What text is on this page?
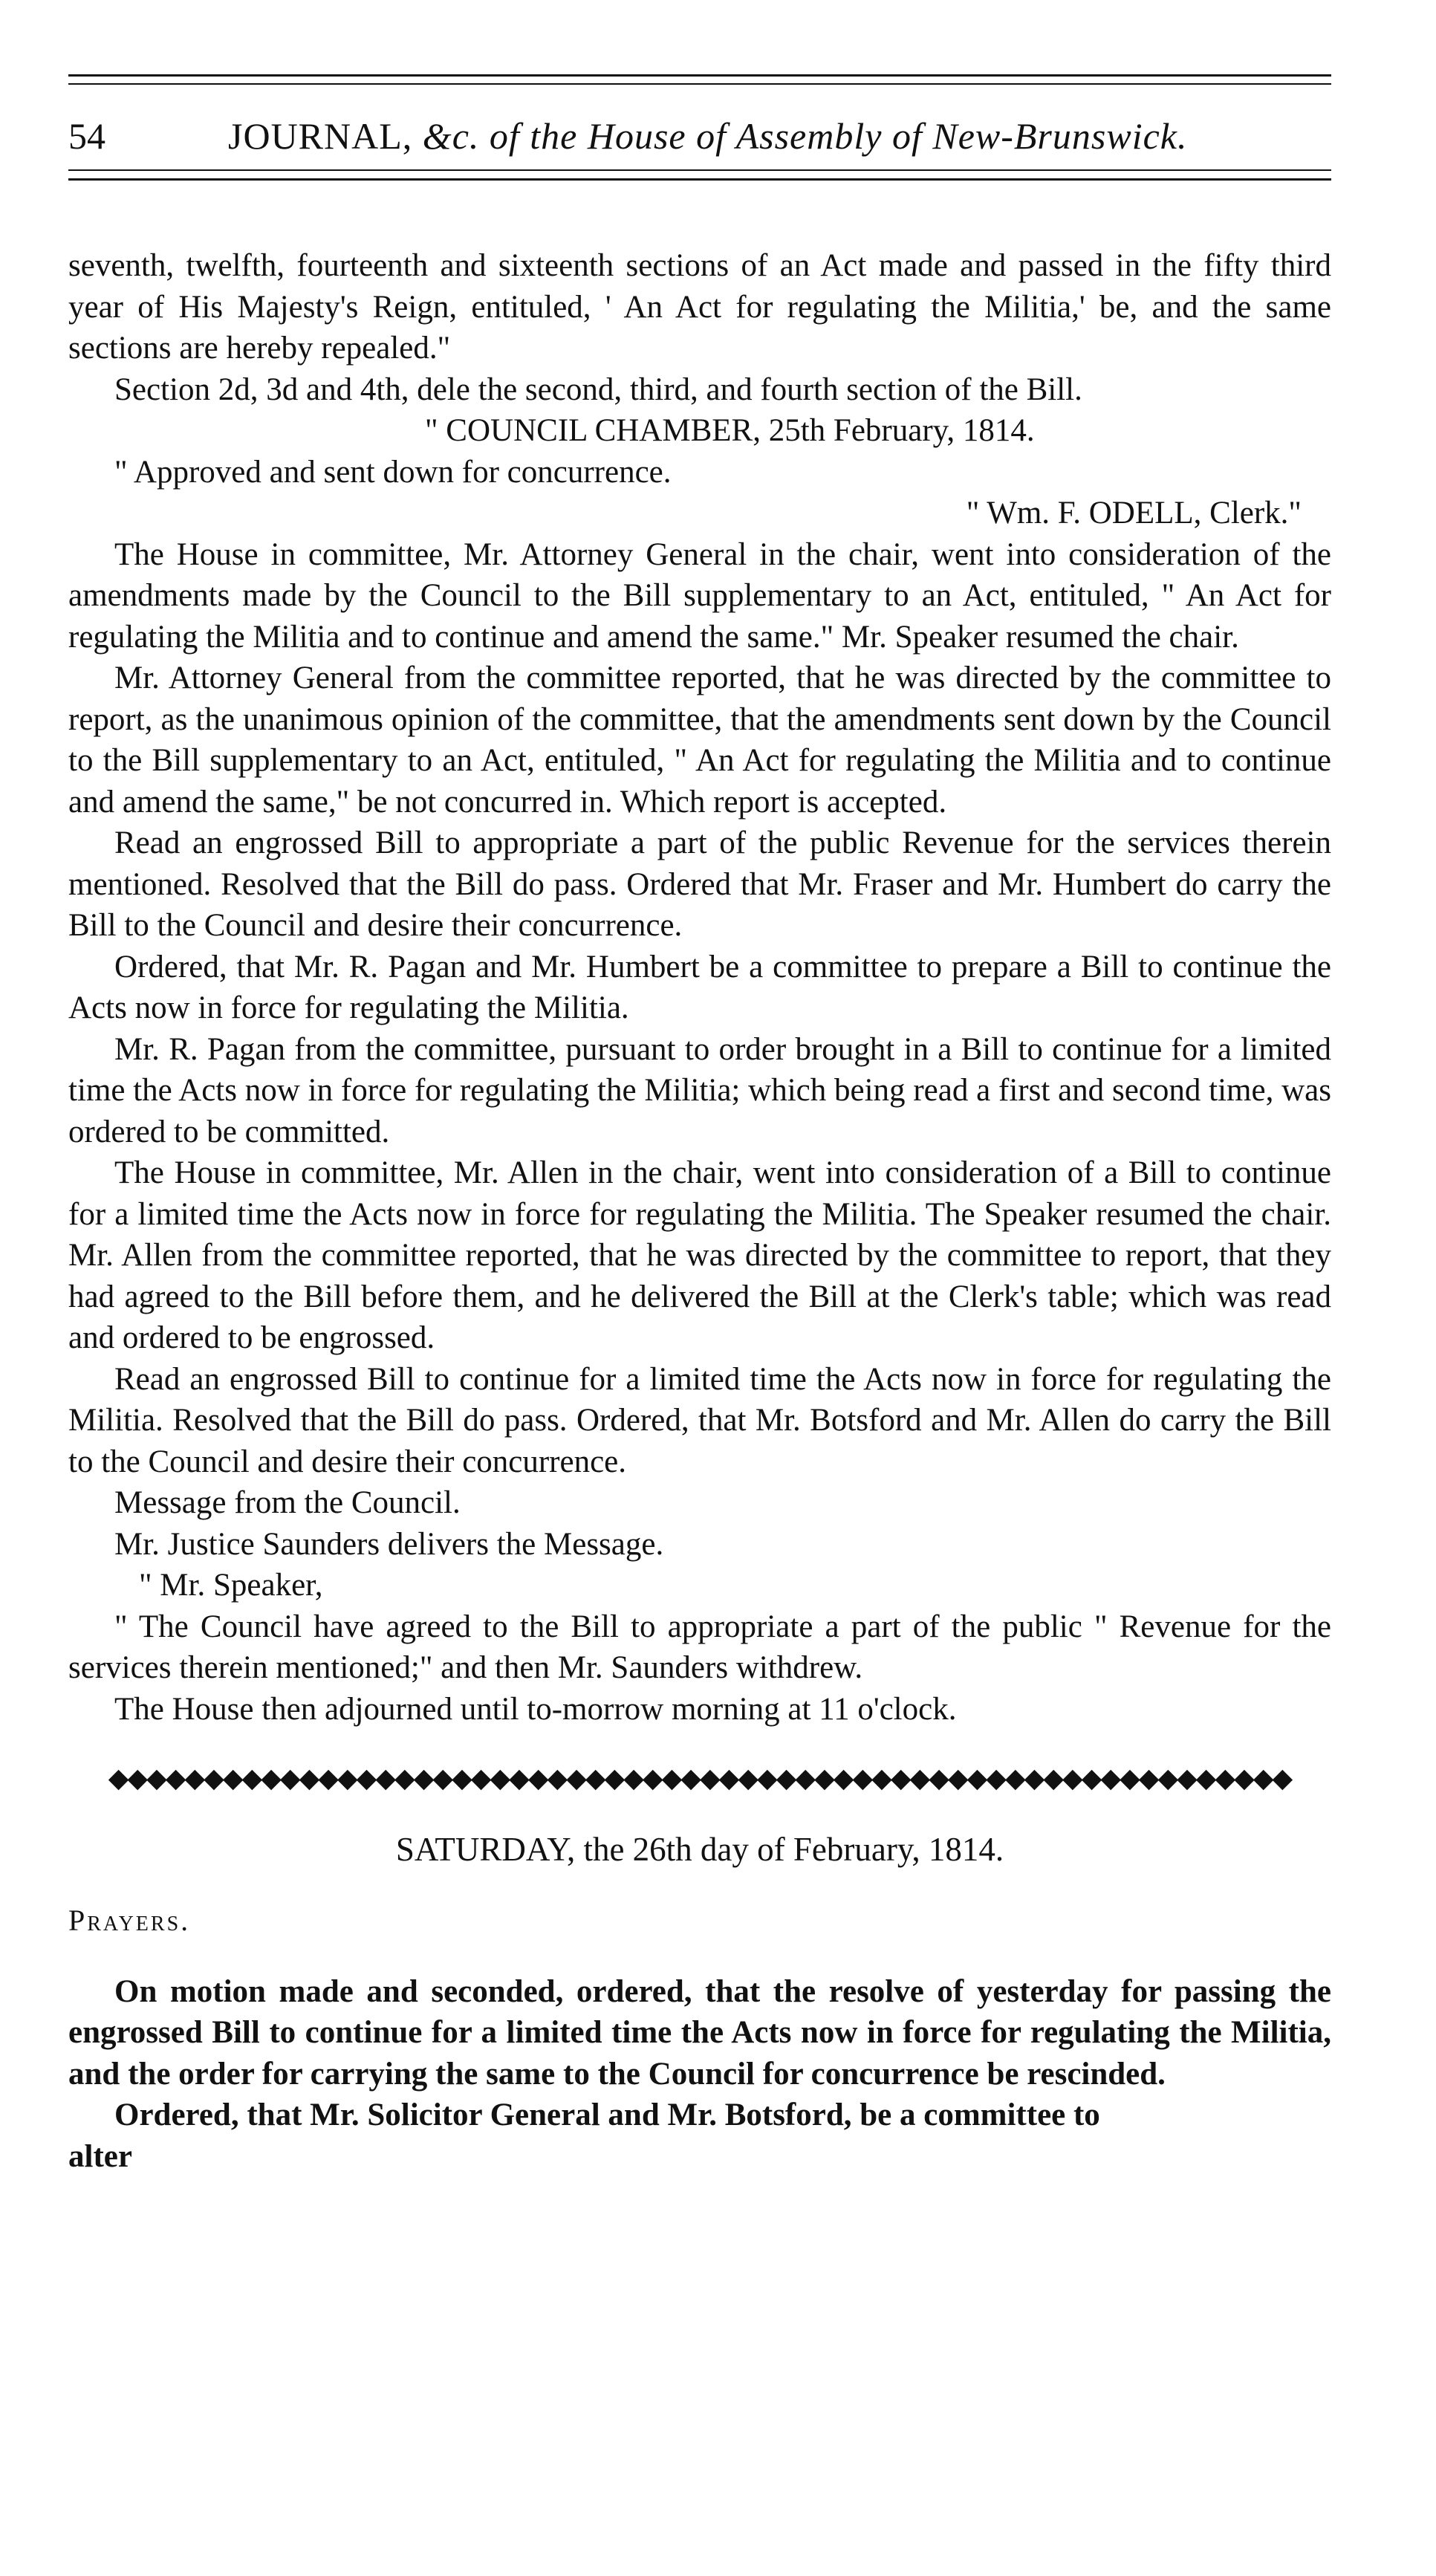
54	JOURNAL, &c. of the House of Assembly of New-Brunswick.

seventh, twelfth, fourteenth and sixteenth sections of an Act made and passed in the fifty third year of His Majesty's Reign, entituled, ' An Act for regulating the Militia,' be, and the same sections are hereby repealed."

Section 2d, 3d and 4th, dele the second, third, and fourth section of the Bill.

" COUNCIL CHAMBER, 25th February, 1814.

" Approved and sent down for concurrence.

" Wm. F. ODELL, Clerk."

The House in committee, Mr. Attorney General in the chair, went into consideration of the amendments made by the Council to the Bill supplementary to an Act, entituled, " An Act for regulating the Militia and to continue and amend the same." Mr. Speaker resumed the chair.

Mr. Attorney General from the committee reported, that he was directed by the committee to report, as the unanimous opinion of the committee, that the amendments sent down by the Council to the Bill supplementary to an Act, entituled, " An Act for regulating the Militia and to continue and amend the same," be not concurred in. Which report is accepted.

Read an engrossed Bill to appropriate a part of the public Revenue for the services therein mentioned. Resolved that the Bill do pass. Ordered that Mr. Fraser and Mr. Humbert do carry the Bill to the Council and desire their concurrence.

Ordered, that Mr. R. Pagan and Mr. Humbert be a committee to prepare a Bill to continue the Acts now in force for regulating the Militia.

Mr. R. Pagan from the committee, pursuant to order brought in a Bill to continue for a limited time the Acts now in force for regulating the Militia; which being read a first and second time, was ordered to be committed.

The House in committee, Mr. Allen in the chair, went into consideration of a Bill to continue for a limited time the Acts now in force for regulating the Militia. The Speaker resumed the chair. Mr. Allen from the committee reported, that he was directed by the committee to report, that they had agreed to the Bill before them, and he delivered the Bill at the Clerk's table; which was read and ordered to be engrossed.

Read an engrossed Bill to continue for a limited time the Acts now in force for regulating the Militia. Resolved that the Bill do pass. Ordered, that Mr. Botsford and Mr. Allen do carry the Bill to the Council and desire their concurrence.

Message from the Council.

Mr. Justice Saunders delivers the Message.

" Mr. Speaker,

" The Council have agreed to the Bill to appropriate a part of the public " Revenue for the services therein mentioned;" and then Mr. Saunders withdrew.

The House then adjourned until to-morrow morning at 11 o'clock.

◆◆◆◆◆◆◆◆◆◆◆◆◆◆◆◆◆◆◆◆◆◆◆◆◆◆◆◆◆◆◆◆◆◆◆◆◆◆◆◆◆◆◆◆◆◆◆◆◆◆◆◆◆◆◆◆◆◆◆◆◆◆
SATURDAY, the 26th day of February, 1814.
Prayers.

On motion made and seconded, ordered, that the resolve of yesterday for passing the engrossed Bill to continue for a limited time the Acts now in force for regulating the Militia, and the order for carrying the same to the Council for concurrence be rescinded.

Ordered, that Mr. Solicitor General and Mr. Botsford, be a committee to

alter
